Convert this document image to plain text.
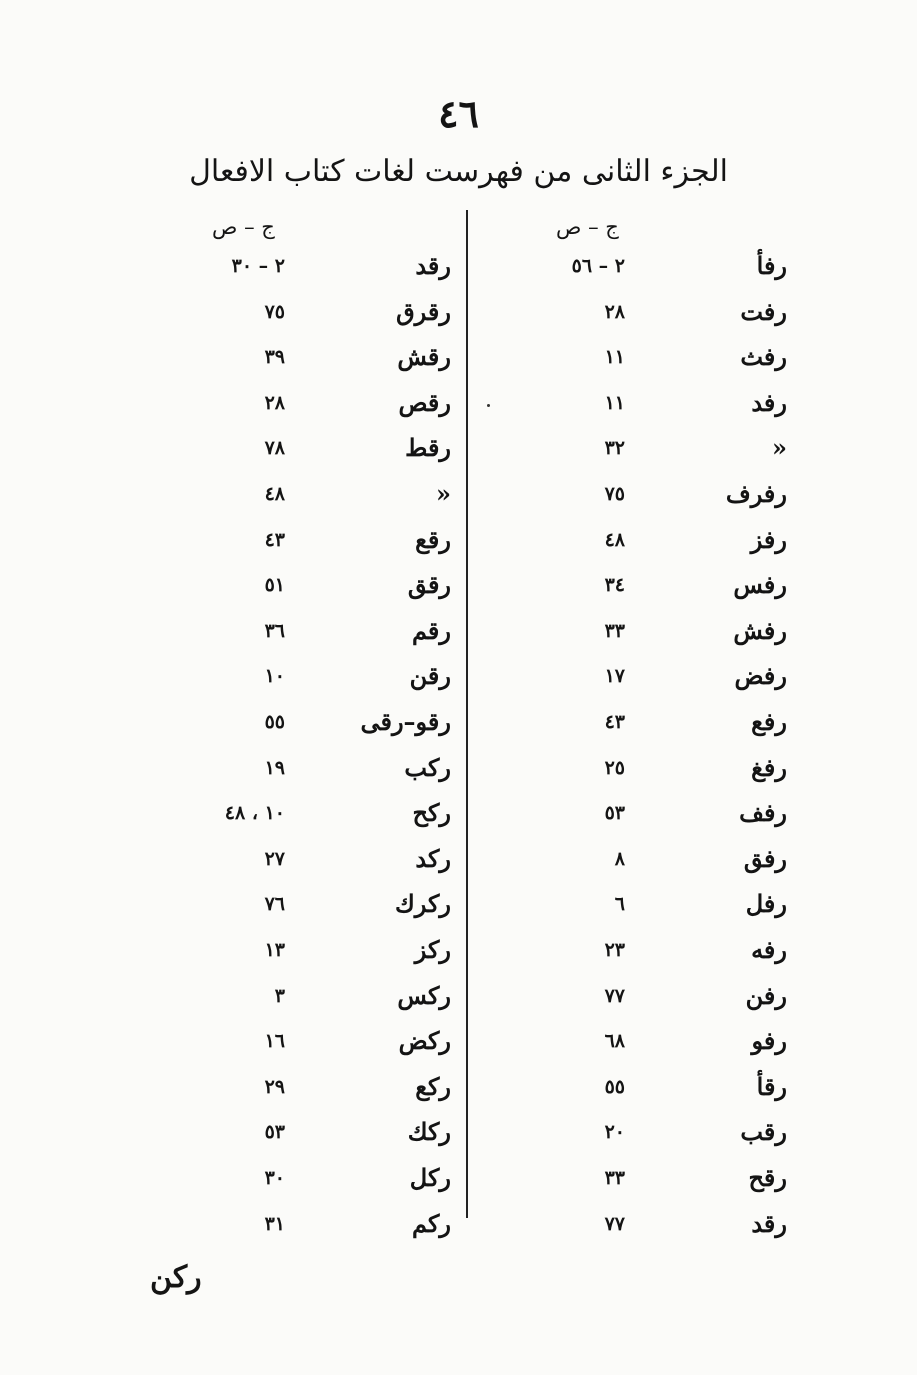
٤٦
الجزء الثانى من فهرست لغات كتاب الافعال
ج – ص	ج – ص
رفأ
٢ – ٥٦
رفت
٢٨
رفث
١١
رفد
١١
«
٣٢
رفرف
٧٥
رفز
٤٨
رفس
٣٤
رفش
٣٣
رفض
١٧
رفع
٤٣
رفغ
٢٥
رفف
٥٣
رفق
٨
رفل
٦
رفه
٢٣
رفن
٧٧
رفو
٦٨
رقأ
٥٥
رقب
٢٠
رقح
٣٣
رقد
٧٧
رقد
٢ – ٣٠
رقرق
٧٥
رقش
٣٩
رقص
٢٨
رقط
٧٨
«
٤٨
رقع
٤٣
رقق
٥١
رقم
٣٦
رقن
١٠
رقو–رقى
٥٥
ركب
١٩
ركح
١٠ ، ٤٨
ركد
٢٧
ركرك
٧٦
ركز
١٣
ركس
٣
ركض
١٦
ركع
٢٩
ركك
٥٣
ركل
٣٠
ركم
٣١
ركن
